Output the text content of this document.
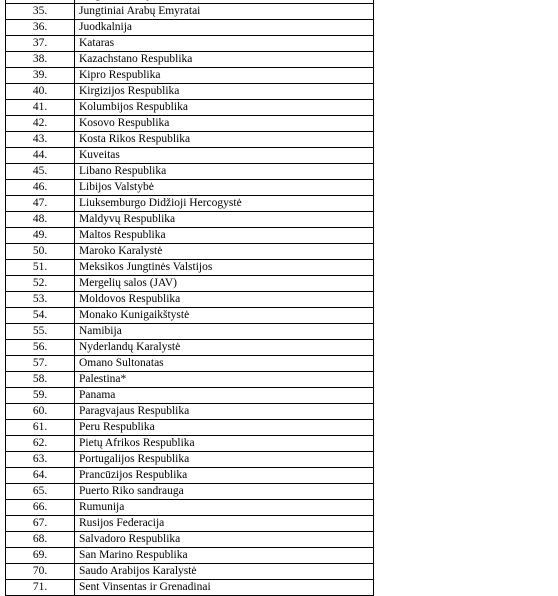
35.	Jungtiniai Arabų Emyratai
36.	Juodkalnija
37.	Kataras
38.	Kazachstano Respublika
39.	Kipro Respublika
40.	Kirgizijos Respublika
41.	Kolumbijos Respublika
42.	Kosovo Respublika
43.	Kosta Rikos Respublika
44.	Kuveitas
45.	Libano Respublika
46.	Libijos Valstybė
47.	Liuksemburgo Didžioji Hercogystė
48.	Maldyvų Respublika
49.	Maltos Respublika
50.	Maroko Karalystė
51.	Meksikos Jungtinės Valstijos
52.	Mergelių salos (JAV)
53.	Moldovos Respublika
54.	Monako Kunigaikštystė
55.	Namibija
56.	Nyderlandų Karalystė
57.	Omano Sultonatas
58.	Palestina*
59.	Panama
60.	Paragvajaus Respublika
61.	Peru Respublika
62.	Pietų Afrikos Respublika
63.	Portugalijos Respublika
64.	Prancūzijos Respublika
65.	Puerto Riko sandrauga
66.	Rumunija
67.	Rusijos Federacija
68.	Salvadoro Respublika
69.	San Marino Respublika
70.	Saudo Arabijos Karalystė
71.	Sent Vinsentas ir Grenadinai
